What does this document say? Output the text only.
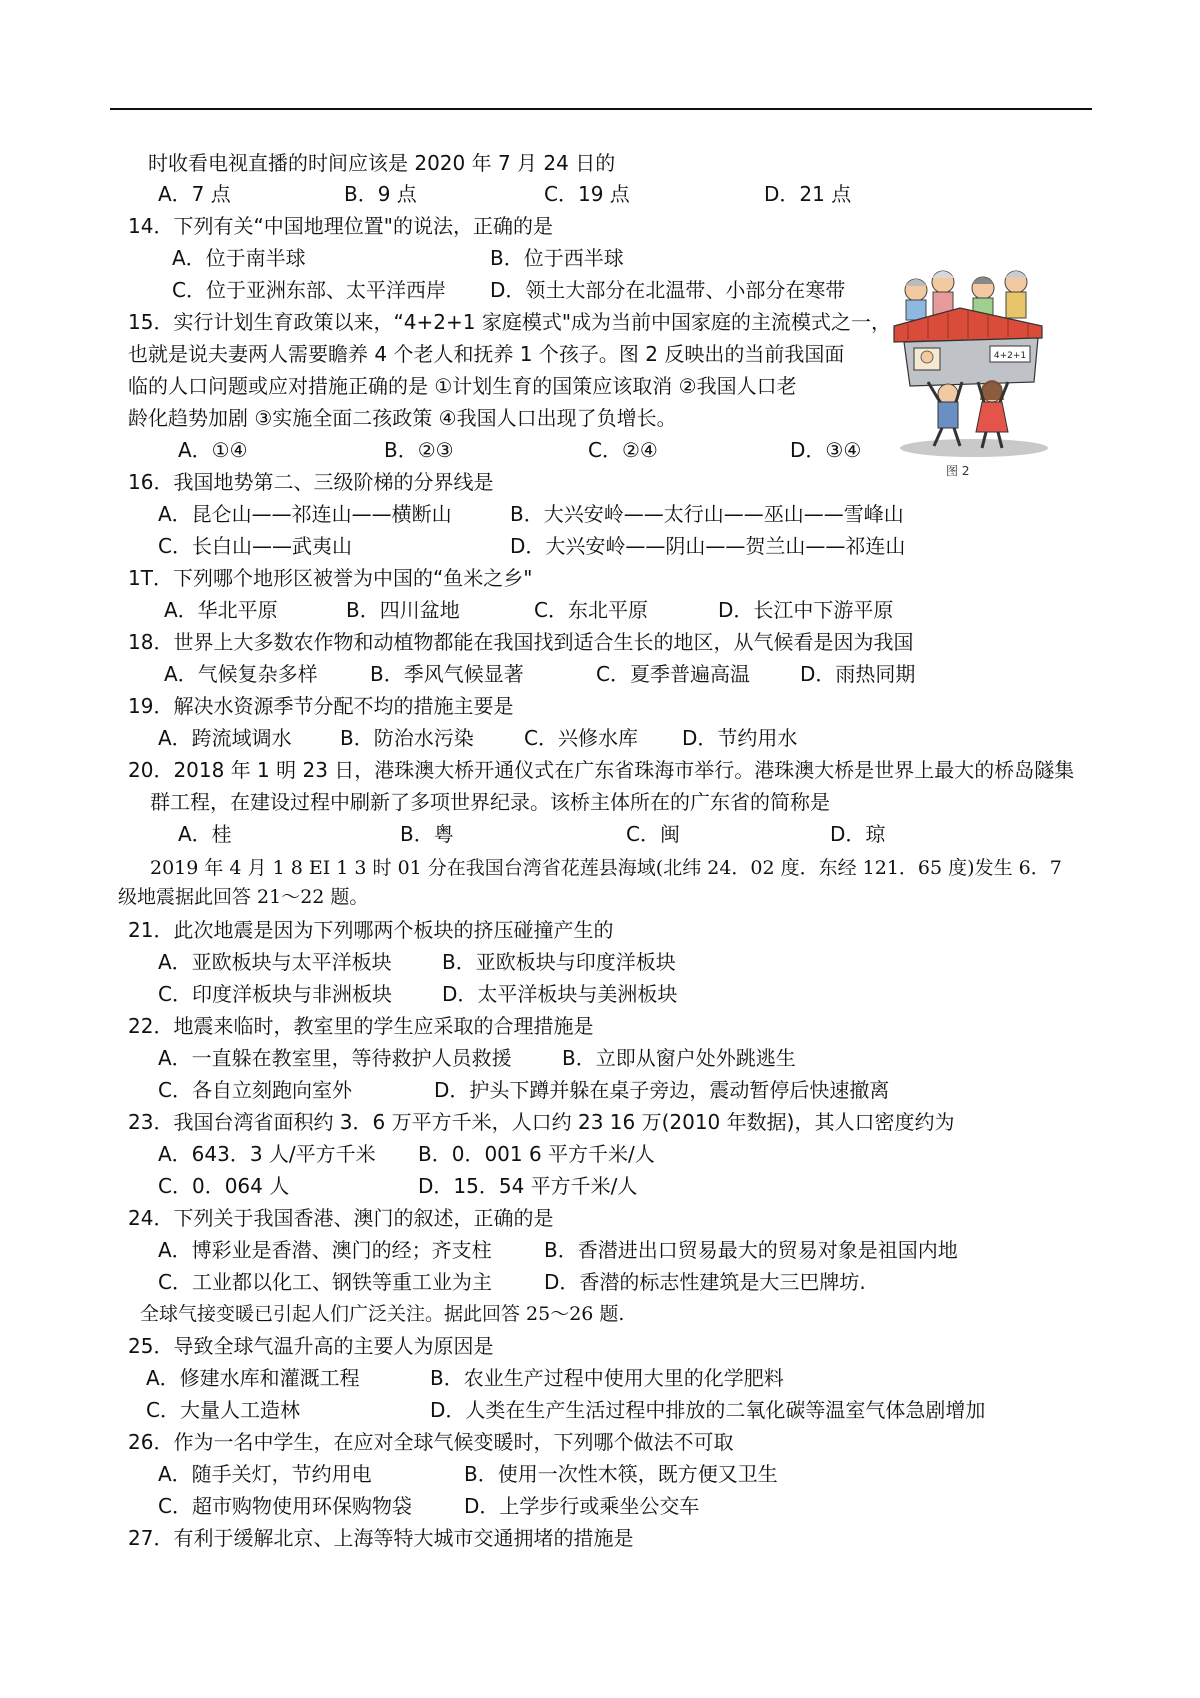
时收看电视直播的时间应该是 2020 年 7 月 24 日的
A．7 点	B．9 点	C．19 点	D．21 点
14．下列有关“中国地理位置"的说法，正确的是
A．位于南半球	B．位于西半球
C．位于亚洲东部、太平洋西岸 D．领土大部分在北温带、小部分在寒带
15．实行计划生育政策以来，“4+2+1 家庭模式"成为当前中国家庭的主流模式之一，
也就是说夫妻两人需要瞻养 4 个老人和抚养 1 个孩子。图 2 反映出的当前我国面
临的人口问题或应对措施正确的是 ①计划生育的国策应该取消 ②我国人口老
龄化趋势加剧 ③实施全面二孩政策 ④我国人口出现了负增长。
A．①④	B．②③	C．②④	D．③④
16．我国地势第二、三级阶梯的分界线是
A．昆仑山——祁连山——横断山	B．大兴安岭——太行山——巫山——雪峰山
C．长白山——武夷山	D．大兴安岭——阴山——贺兰山——祁连山
1T．下列哪个地形区被誉为中国的“鱼米之乡"
A．华北平原	B．四川盆地	C．东北平原	D．长江中下游平原
18．世界上大多数农作物和动植物都能在我国找到适合生长的地区，从气候看是因为我国
A．气候复杂多样	B．季风气候显著	C．夏季普遍高温	D．雨热同期
19．解决水资源季节分配不均的措施主要是
A．跨流域调水 B．防治水污染	C．兴修水库 D．节约用水
20．2018 年 1 明 23 日，港珠澳大桥开通仪式在广东省珠海市举行。港珠澳大桥是世界上最大的桥岛隧集
群工程，在建设过程中刷新了多项世界纪录。该桥主体所在的广东省的简称是
A．桂	B．粤	C．闽	D．琼
2019 年 4 月 1 8 EI 1 3 时 01 分在我国台湾省花莲县海域(北纬 24．02 度．东经 121．65 度)发生 6．7
级地震据此回答 21～22 题。
21．此次地震是因为下列哪两个板块的挤压碰撞产生的
A．亚欧板块与太平洋板块	B．亚欧板块与印度洋板块
C．印度洋板块与非洲板块	D．太平洋板块与美洲板块
22．地震来临时，教室里的学生应采取的合理措施是
A．一直躲在教室里，等待救护人员救援	B．立即从窗户处外跳逃生
C．各自立刻跑向室外	D．护头下蹲并躲在桌子旁边，震动暂停后快速撤离
23．我国台湾省面积约 3．6 万平方千米，人口约 23 16 万(2010 年数据)，其人口密度约为
A．643．3 人/平方千米 B．0．001 6 平方千米/人
C．0．064 人	D．15．54 平方千米/人
24．下列关于我国香港、澳门的叙述，正确的是
A．博彩业是香潜、澳门的经；齐支柱	B．香潜进出口贸易最大的贸易对象是祖国内地
C．工业都以化工、钢铁等重工业为主	D．香潜的标志性建筑是大三巴牌坊.
全球气接变暖已引起人们广泛关注。据此回答 25～26 题.
25．导致全球气温升高的主要人为原因是
A．修建水库和灌溉工程	B．农业生产过程中使用大里的化学肥料
C．大量人工造林	D．人类在生产生活过程中排放的二氧化碳等温室气体急剧增加
26．作为一名中学生，在应对全球气候变暖时，下列哪个做法不可取
A．随手关灯，节约用电	B．使用一次性木筷，既方便又卫生
C．超市购物使用环保购物袋	D．上学步行或乘坐公交车
27．有利于缓解北京、上海等特大城市交通拥堵的措施是
4+2+1
图 2
